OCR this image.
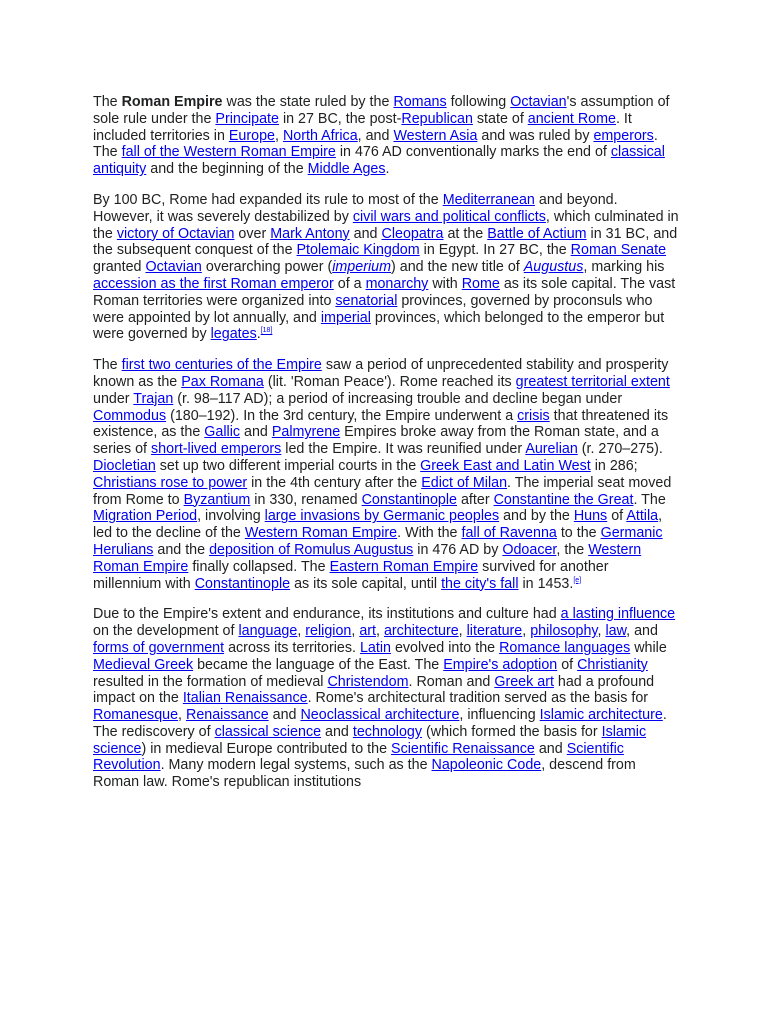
The Roman Empire was the state ruled by the Romans following Octavian's assumption of sole rule under the Principate in 27 BC, the post-Republican state of ancient Rome. It included territories in Europe, North Africa, and Western Asia and was ruled by emperors. The fall of the Western Roman Empire in 476 AD conventionally marks the end of classical antiquity and the beginning of the Middle Ages.

By 100 BC, Rome had expanded its rule to most of the Mediterranean and beyond. However, it was severely destabilized by civil wars and political conflicts, which culminated in the victory of Octavian over Mark Antony and Cleopatra at the Battle of Actium in 31 BC, and the subsequent conquest of the Ptolemaic Kingdom in Egypt. In 27 BC, the Roman Senate granted Octavian overarching power (imperium) and the new title of Augustus, marking his accession as the first Roman emperor of a monarchy with Rome as its sole capital. The vast Roman territories were organized into senatorial provinces, governed by proconsuls who were appointed by lot annually, and imperial provinces, which belonged to the emperor but were governed by legates.[18]

The first two centuries of the Empire saw a period of unprecedented stability and prosperity known as the Pax Romana (lit. 'Roman Peace'). Rome reached its greatest territorial extent under Trajan (r. 98–117 AD); a period of increasing trouble and decline began under Commodus (180–192). In the 3rd century, the Empire underwent a crisis that threatened its existence, as the Gallic and Palmyrene Empires broke away from the Roman state, and a series of short-lived emperors led the Empire. It was reunified under Aurelian (r. 270–275). Diocletian set up two different imperial courts in the Greek East and Latin West in 286; Christians rose to power in the 4th century after the Edict of Milan. The imperial seat moved from Rome to Byzantium in 330, renamed Constantinople after Constantine the Great. The Migration Period, involving large invasions by Germanic peoples and by the Huns of Attila, led to the decline of the Western Roman Empire. With the fall of Ravenna to the Germanic Herulians and the deposition of Romulus Augustus in 476 AD by Odoacer, the Western Roman Empire finally collapsed. The Eastern Roman Empire survived for another millennium with Constantinople as its sole capital, until the city's fall in 1453.[e]

Due to the Empire's extent and endurance, its institutions and culture had a lasting influence on the development of language, religion, art, architecture, literature, philosophy, law, and forms of government across its territories. Latin evolved into the Romance languages while Medieval Greek became the language of the East. The Empire's adoption of Christianity resulted in the formation of medieval Christendom. Roman and Greek art had a profound impact on the Italian Renaissance. Rome's architectural tradition served as the basis for Romanesque, Renaissance and Neoclassical architecture, influencing Islamic architecture. The rediscovery of classical science and technology (which formed the basis for Islamic science) in medieval Europe contributed to the Scientific Renaissance and Scientific Revolution. Many modern legal systems, such as the Napoleonic Code, descend from Roman law. Rome's republican institutions
